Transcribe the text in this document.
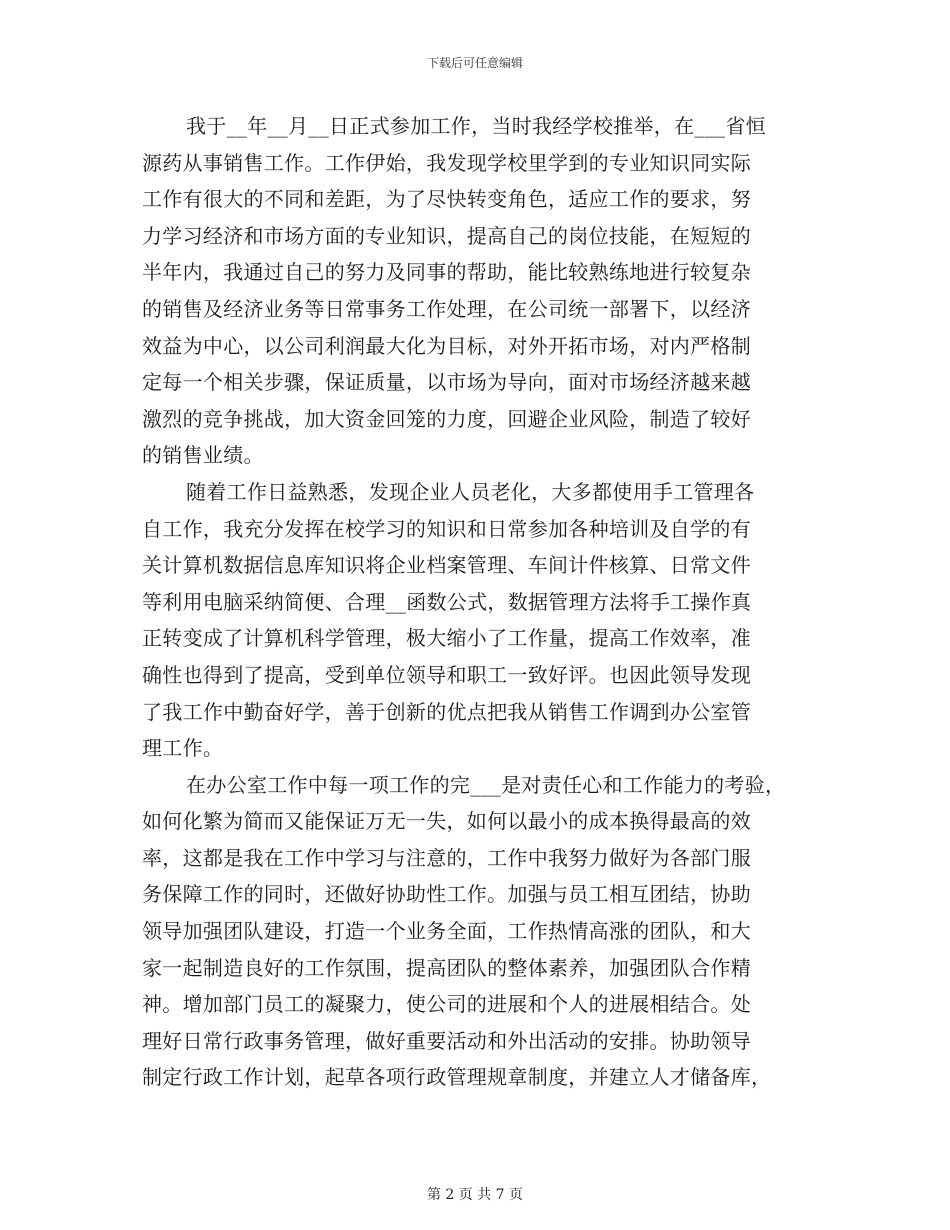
下载后可任意编辑
我于__年__月__日正式参加工作，当时我经学校推举，在___省恒
源药从事销售工作。工作伊始，我发现学校里学到的专业知识同实际
工作有很大的不同和差距，为了尽快转变角色，适应工作的要求，努
力学习经济和市场方面的专业知识，提高自己的岗位技能，在短短的
半年内，我通过自己的努力及同事的帮助，能比较熟练地进行较复杂
的销售及经济业务等日常事务工作处理，在公司统一部署下，以经济
效益为中心，以公司利润最大化为目标，对外开拓市场，对内严格制
定每一个相关步骤，保证质量，以市场为导向，面对市场经济越来越
激烈的竞争挑战，加大资金回笼的力度，回避企业风险，制造了较好
的销售业绩。
随着工作日益熟悉，发现企业人员老化，大多都使用手工管理各
自工作，我充分发挥在校学习的知识和日常参加各种培训及自学的有
关计算机数据信息库知识将企业档案管理、车间计件核算、日常文件
等利用电脑采纳简便、合理__函数公式，数据管理方法将手工操作真
正转变成了计算机科学管理，极大缩小了工作量，提高工作效率，准
确性也得到了提高，受到单位领导和职工一致好评。也因此领导发现
了我工作中勤奋好学，善于创新的优点把我从销售工作调到办公室管
理工作。
在办公室工作中每一项工作的完___是对责任心和工作能力的考验，
如何化繁为简而又能保证万无一失，如何以最小的成本换得最高的效
率，这都是我在工作中学习与注意的，工作中我努力做好为各部门服
务保障工作的同时，还做好协助性工作。加强与员工相互团结，协助
领导加强团队建设，打造一个业务全面，工作热情高涨的团队，和大
家一起制造良好的工作氛围，提高团队的整体素养，加强团队合作精
神。增加部门员工的凝聚力，使公司的进展和个人的进展相结合。处
理好日常行政事务管理，做好重要活动和外出活动的安排。协助领导
制定行政工作计划，起草各项行政管理规章制度，并建立人才储备库，
第 2 页 共 7 页
